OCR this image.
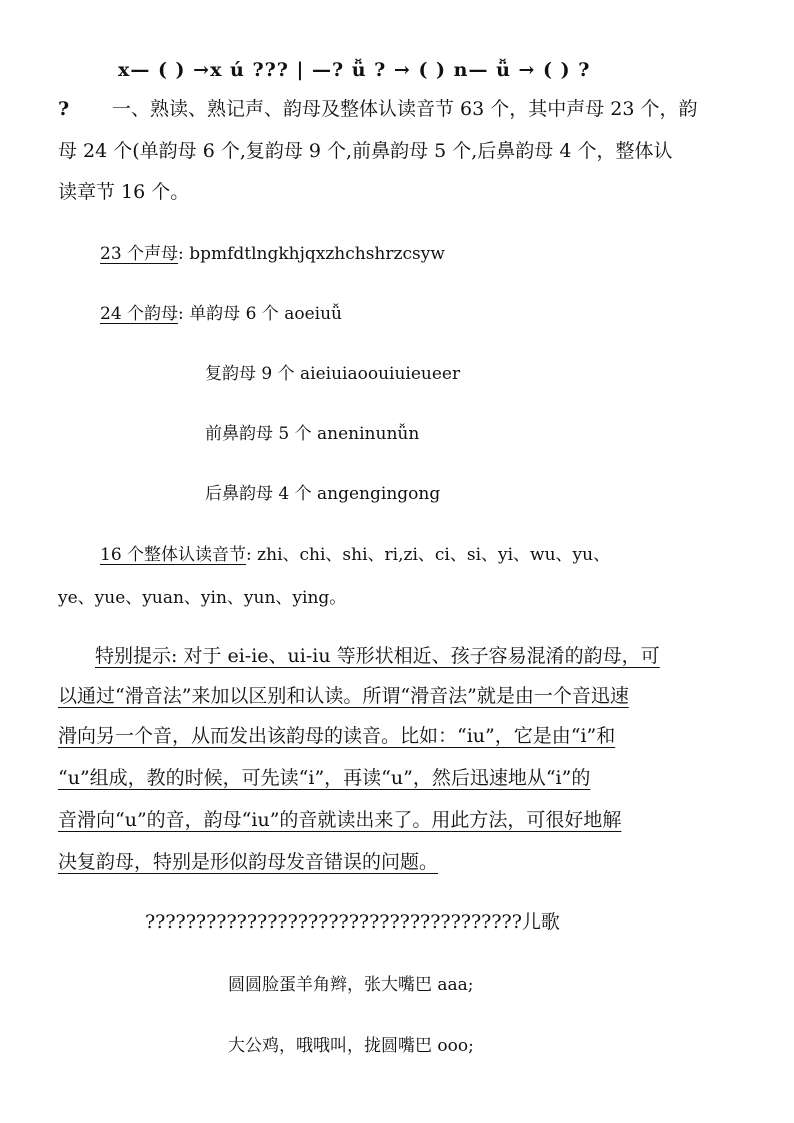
x— ( ) →x ú ??? | —? ǚ ? → ( ) n— ǚ → ( ) ?
? 一、熟读、熟记声、韵母及整体认读音节 63 个，其中声母 23 个，韵
母 24 个(单韵母 6 个,复韵母 9 个,前鼻韵母 5 个,后鼻韵母 4 个，整体认
读章节 16 个。
23 个声母: bpmfdtlngkhjqxzhchshrzcsyw
24 个韵母: 单韵母 6 个 aoeiuǚ
复韵母 9 个 aieiuiaoouiuieueer
前鼻韵母 5 个 aneninunǚn
后鼻韵母 4 个 angengingong
16 个整体认读音节: zhi、chi、shi、ri,zi、ci、si、yi、wu、yu、
ye、yue、yuan、yin、yun、ying。
特别提示: 对于 ei-ie、ui-iu 等形状相近、孩子容易混淆的韵母，可
以通过“滑音法”来加以区别和认读。所谓“滑音法”就是由一个音迅速
滑向另一个音，从而发出该韵母的读音。比如：“iu”，它是由“i”和
“u”组成，教的时候，可先读“i”，再读“u”，然后迅速地从“i”的
音滑向“u”的音，韵母“iu”的音就读出来了。用此方法，可很好地解
决复韵母，特别是形似韵母发音错误的问题。
?????????????????????????????????????儿歌
圆圆脸蛋羊角辫，张大嘴巴 aaa;
大公鸡，哦哦叫，拢圆嘴巴 ooo;
